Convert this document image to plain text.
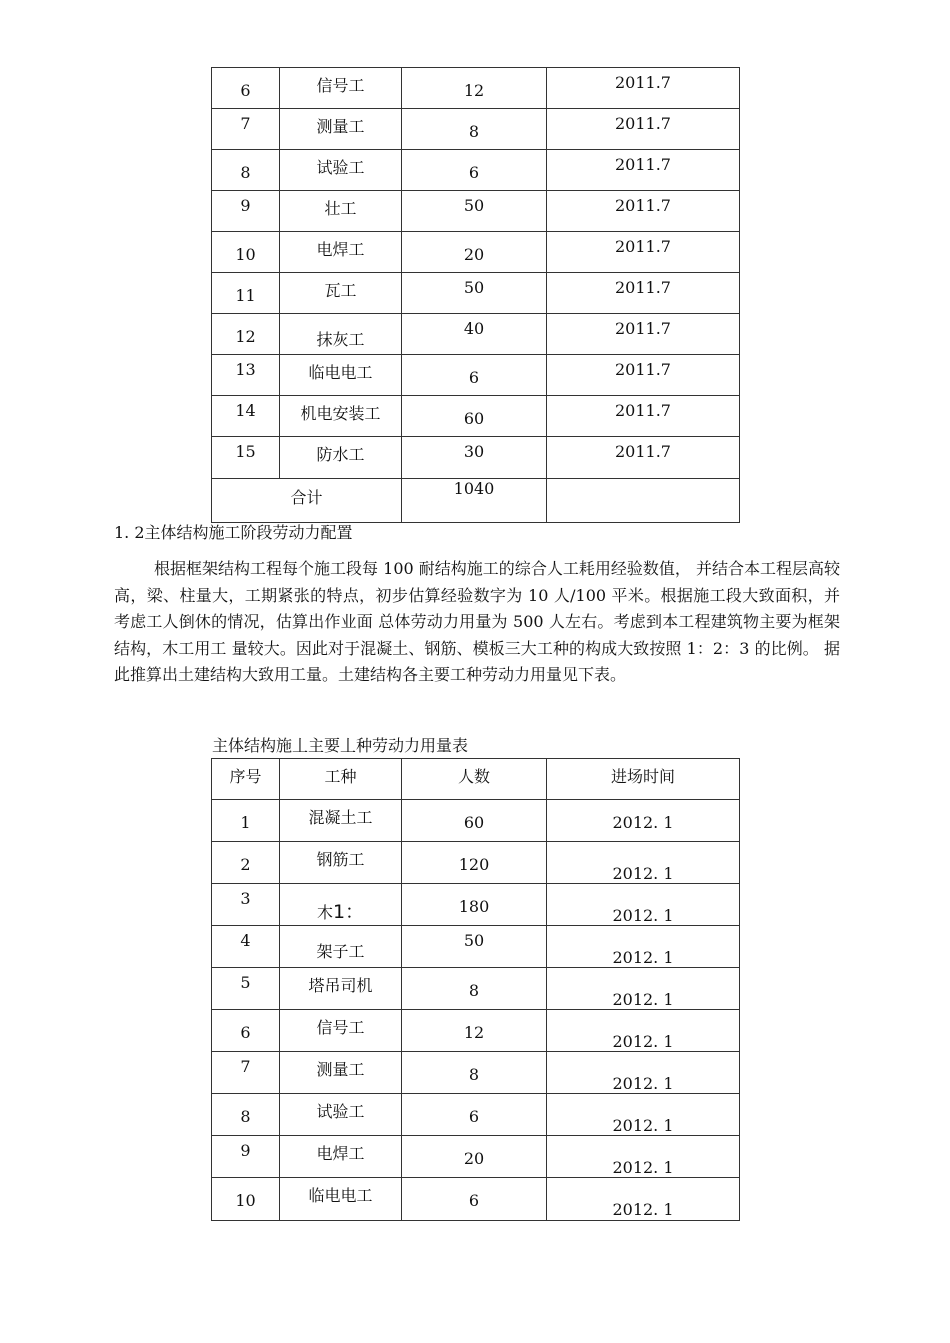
6	信号工	12	2011.7
7	测量工	8	2011.7
8	试验工	6	2011.7
9	壮工	50	2011.7
10	电焊工	20	2011.7
11	瓦工	50	2011.7
12	抹灰工	40	2011.7
13	临电电工	6	2011.7
14	机电安装工	60	2011.7
15	防水工	30	2011.7
合计		1040	
1. 2主体结构施工阶段劳动力配置
根据框架结构工程每个施工段每 100 耐结构施工的综合人工耗用经验数值， 并结合本工程层高较高，梁、柱量大，工期紧张的特点，初步估算经验数字为 10 人/100 平米。根据施工段大致面积，并考虑工人倒休的情况，估算出作业面 总体劳动力用量为 500 人左右。考虑到本工程建筑物主要为框架结构，木工用工 量较大。因此对于混凝土、钢筋、模板三大工种的构成大致按照 1：2：3 的比例。 据此推算出土建结构大致用工量。土建结构各主要工种劳动力用量见下表。
主体结构施丄主要丄种劳动力用量表
序号	工种	人数	进场时间
1	混凝土工	60	2012. 1
2	钢筋工	120	2012. 1
3	木1：	180	2012. 1
4	架子工	50	2012. 1
5	塔吊司机	8	2012. 1
6	信号工	12	2012. 1
7	测量工	8	2012. 1
8	试验工	6	2012. 1
9	电焊工	20	2012. 1
10	临电电工	6	2012. 1
